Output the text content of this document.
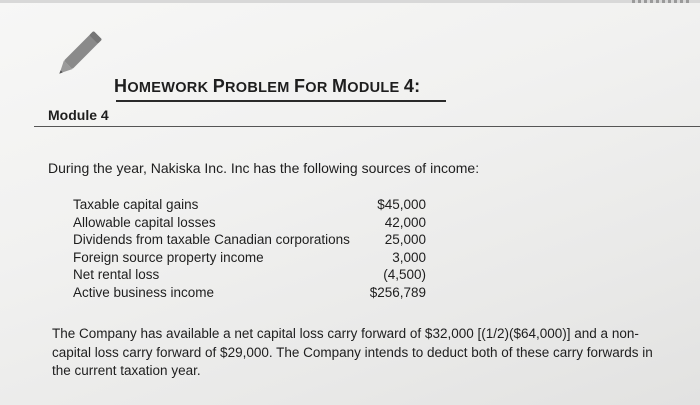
HOMEWORK PROBLEM FOR MODULE 4:
Module 4

During the year, Nakiska Inc. Inc has the following sources of income:

Taxable capital gains	$45,000
Allowable capital losses	42,000
Dividends from taxable Canadian corporations	25,000
Foreign source property income	3,000
Net rental loss	(4,500)
Active business income	$256,789

The Company has available a net capital loss carry forward of $32,000 [(1/2)($64,000)] and a non-capital loss carry forward of $29,000. The Company intends to deduct both of these carry forwards in the current taxation year.
